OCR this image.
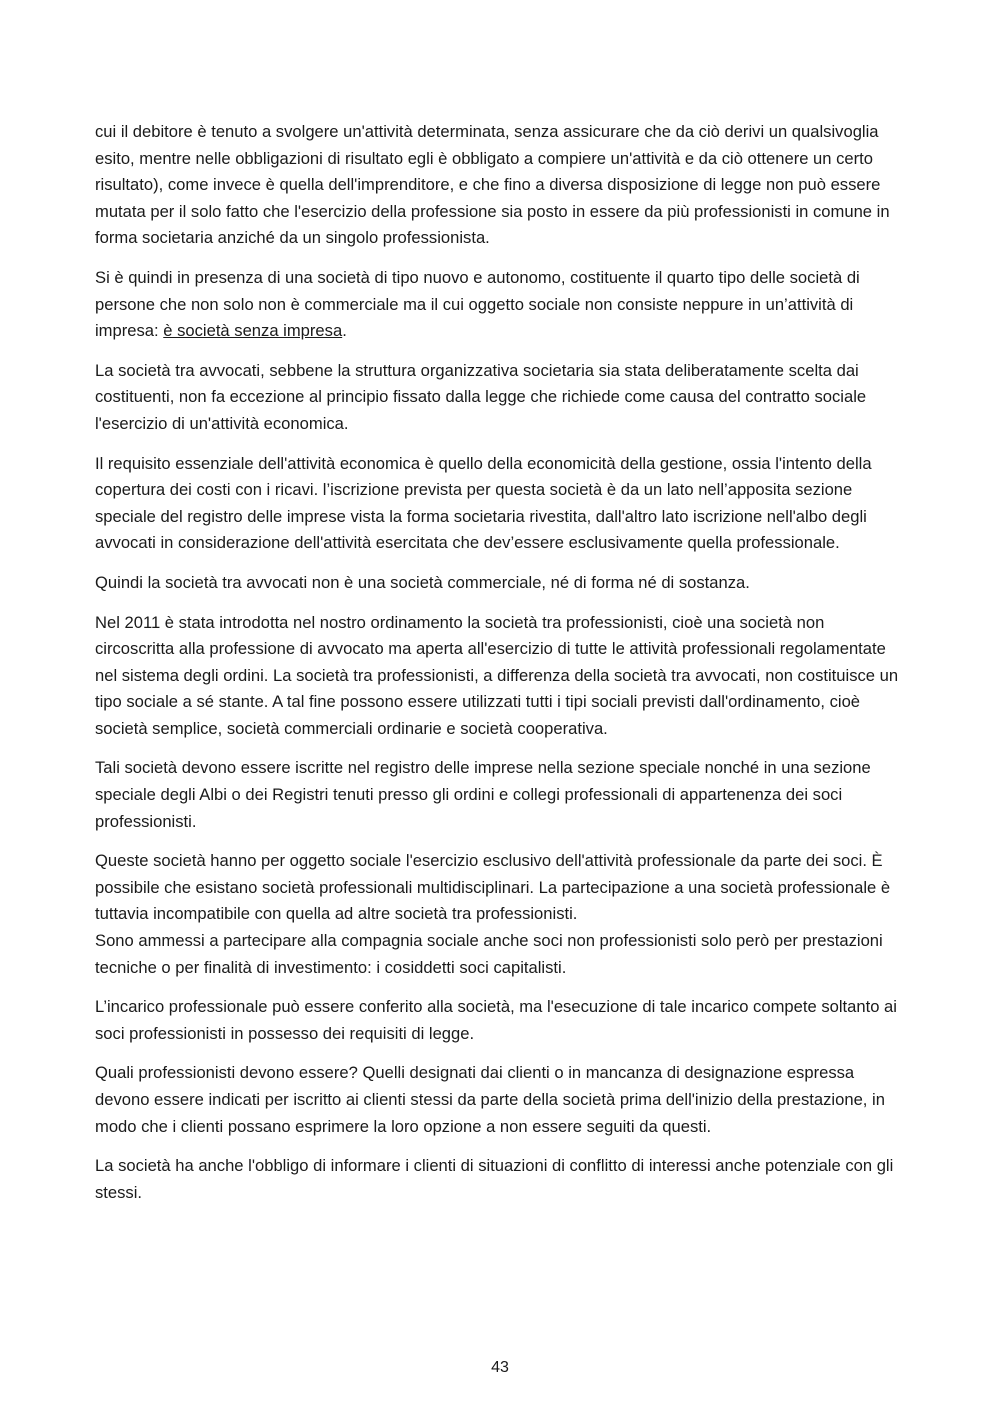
cui il debitore è tenuto a svolgere un'attività determinata, senza assicurare che da ciò derivi un qualsivoglia esito, mentre nelle obbligazioni di risultato egli è obbligato a compiere un'attività e da ciò ottenere un certo risultato), come invece è quella dell'imprenditore, e che fino a diversa disposizione di legge non può essere mutata per il solo fatto che l'esercizio della professione sia posto in essere da più professionisti in comune in forma societaria anziché da un singolo professionista.

Si è quindi in presenza di una società di tipo nuovo e autonomo, costituente il quarto tipo delle società di persone che non solo non è commerciale ma il cui oggetto sociale non consiste neppure in un’attività di impresa: è società senza impresa.

La società tra avvocati, sebbene la struttura organizzativa societaria sia stata deliberatamente scelta dai costituenti, non fa eccezione al principio fissato dalla legge che richiede come causa del contratto sociale l'esercizio di un'attività economica.

Il requisito essenziale dell'attività economica è quello della economicità della gestione, ossia l'intento della copertura dei costi con i ricavi. l’iscrizione prevista per questa società è da un lato nell’apposita sezione speciale del registro delle imprese vista la forma societaria rivestita, dall'altro lato iscrizione nell'albo degli avvocati in considerazione dell'attività esercitata che dev’essere esclusivamente quella professionale.

Quindi la società tra avvocati non è una società commerciale, né di forma né di sostanza.

Nel 2011 è stata introdotta nel nostro ordinamento la società tra professionisti, cioè una società non circoscritta alla professione di avvocato ma aperta all'esercizio di tutte le attività professionali regolamentate nel sistema degli ordini. La società tra professionisti, a differenza della società tra avvocati, non costituisce un tipo sociale a sé stante. A tal fine possono essere utilizzati tutti i tipi sociali previsti dall'ordinamento, cioè società semplice, società commerciali ordinarie e società cooperativa.

Tali società devono essere iscritte nel registro delle imprese nella sezione speciale nonché in una sezione speciale degli Albi o dei Registri tenuti presso gli ordini e collegi professionali di appartenenza dei soci professionisti.

Queste società hanno per oggetto sociale l'esercizio esclusivo dell'attività professionale da parte dei soci. È possibile che esistano società professionali multidisciplinari. La partecipazione a una società professionale è tuttavia incompatibile con quella ad altre società tra professionisti.
Sono ammessi a partecipare alla compagnia sociale anche soci non professionisti solo però per prestazioni tecniche o per finalità di investimento: i cosiddetti soci capitalisti.

L’incarico professionale può essere conferito alla società, ma l'esecuzione di tale incarico compete soltanto ai soci professionisti in possesso dei requisiti di legge.

Quali professionisti devono essere? Quelli designati dai clienti o in mancanza di designazione espressa devono essere indicati per iscritto ai clienti stessi da parte della società prima dell'inizio della prestazione, in modo che i clienti possano esprimere la loro opzione a non essere seguiti da questi.

La società ha anche l'obbligo di informare i clienti di situazioni di conflitto di interessi anche potenziale con gli stessi.

43
